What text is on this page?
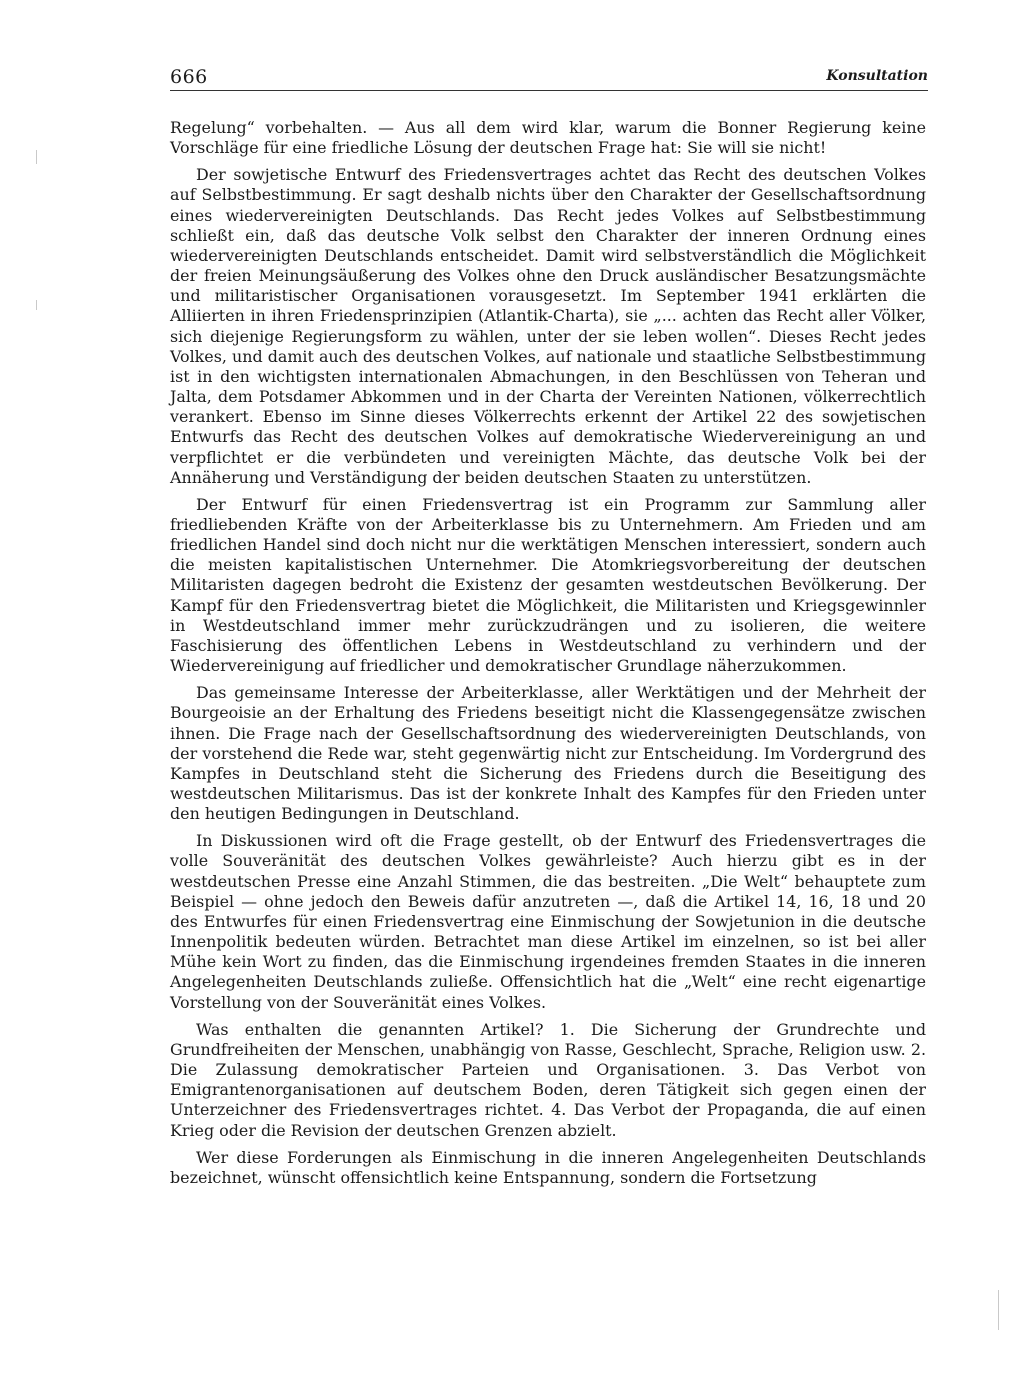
666	Konsultation

Regelung“ vorbehalten. — Aus all dem wird klar, warum die Bonner Regierung keine Vorschläge für eine friedliche Lösung der deutschen Frage hat: Sie will sie nicht!

Der sowjetische Entwurf des Friedensvertrages achtet das Recht des deutschen Volkes auf Selbstbestimmung. Er sagt deshalb nichts über den Charakter der Gesellschaftsordnung eines wiedervereinigten Deutschlands. Das Recht jedes Volkes auf Selbstbestimmung schließt ein, daß das deutsche Volk selbst den Charakter der inneren Ordnung eines wiedervereinigten Deutschlands entscheidet. Damit wird selbstverständlich die Möglichkeit der freien Meinungsäußerung des Volkes ohne den Druck ausländischer Besatzungsmächte und militaristischer Organisationen vorausgesetzt. Im September 1941 erklärten die Alliierten in ihren Friedensprinzipien (Atlantik-Charta), sie „... achten das Recht aller Völker, sich diejenige Regierungsform zu wählen, unter der sie leben wollen“. Dieses Recht jedes Volkes, und damit auch des deutschen Volkes, auf nationale und staatliche Selbstbestimmung ist in den wichtigsten internationalen Abmachungen, in den Beschlüssen von Teheran und Jalta, dem Potsdamer Abkommen und in der Charta der Vereinten Nationen, völkerrechtlich verankert. Ebenso im Sinne dieses Völkerrechts erkennt der Artikel 22 des sowjetischen Entwurfs das Recht des deutschen Volkes auf demokratische Wiedervereinigung an und verpflichtet er die verbündeten und vereinigten Mächte, das deutsche Volk bei der Annäherung und Verständigung der beiden deutschen Staaten zu unterstützen.

Der Entwurf für einen Friedensvertrag ist ein Programm zur Sammlung aller friedliebenden Kräfte von der Arbeiterklasse bis zu Unternehmern. Am Frieden und am friedlichen Handel sind doch nicht nur die werktätigen Menschen interessiert, sondern auch die meisten kapitalistischen Unternehmer. Die Atomkriegsvorbereitung der deutschen Militaristen dagegen bedroht die Existenz der gesamten westdeutschen Bevölkerung. Der Kampf für den Friedensvertrag bietet die Möglichkeit, die Militaristen und Kriegsgewinnler in Westdeutschland immer mehr zurückzudrängen und zu isolieren, die weitere Faschisierung des öffentlichen Lebens in Westdeutschland zu verhindern und der Wiedervereinigung auf friedlicher und demokratischer Grundlage näherzukommen.

Das gemeinsame Interesse der Arbeiterklasse, aller Werktätigen und der Mehrheit der Bourgeoisie an der Erhaltung des Friedens beseitigt nicht die Klassengegensätze zwischen ihnen. Die Frage nach der Gesellschaftsordnung des wiedervereinigten Deutschlands, von der vorstehend die Rede war, steht gegenwärtig nicht zur Entscheidung. Im Vordergrund des Kampfes in Deutschland steht die Sicherung des Friedens durch die Beseitigung des westdeutschen Militarismus. Das ist der konkrete Inhalt des Kampfes für den Frieden unter den heutigen Bedingungen in Deutschland.

In Diskussionen wird oft die Frage gestellt, ob der Entwurf des Friedensvertrages die volle Souveränität des deutschen Volkes gewährleiste? Auch hierzu gibt es in der westdeutschen Presse eine Anzahl Stimmen, die das bestreiten. „Die Welt“ behauptete zum Beispiel — ohne jedoch den Beweis dafür anzutreten —, daß die Artikel 14, 16, 18 und 20 des Entwurfes für einen Friedensvertrag eine Einmischung der Sowjetunion in die deutsche Innenpolitik bedeuten würden. Betrachtet man diese Artikel im einzelnen, so ist bei aller Mühe kein Wort zu finden, das die Einmischung irgendeines fremden Staates in die inneren Angelegenheiten Deutschlands zuließe. Offensichtlich hat die „Welt“ eine recht eigenartige Vorstellung von der Souveränität eines Volkes.

Was enthalten die genannten Artikel? 1. Die Sicherung der Grundrechte und Grundfreiheiten der Menschen, unabhängig von Rasse, Geschlecht, Sprache, Religion usw. 2. Die Zulassung demokratischer Parteien und Organisationen. 3. Das Verbot von Emigrantenorganisationen auf deutschem Boden, deren Tätigkeit sich gegen einen der Unterzeichner des Friedensvertrages richtet. 4. Das Verbot der Propaganda, die auf einen Krieg oder die Revision der deutschen Grenzen abzielt.

Wer diese Forderungen als Einmischung in die inneren Angelegenheiten Deutschlands bezeichnet, wünscht offensichtlich keine Entspannung, sondern die Fortsetzung
